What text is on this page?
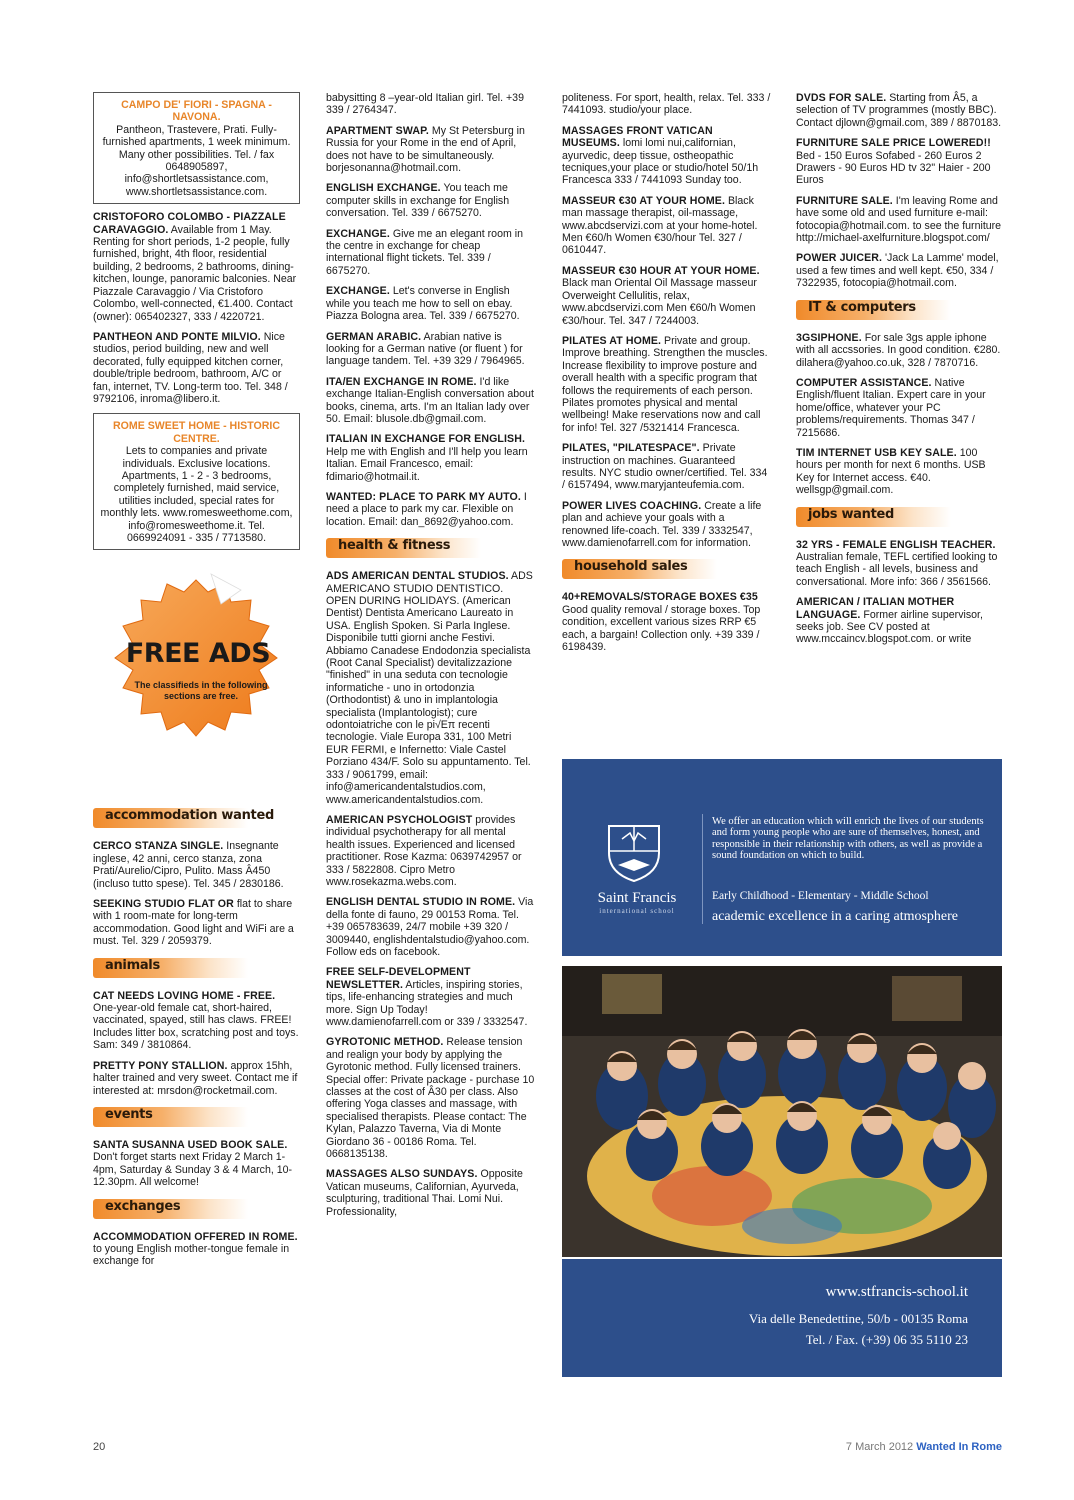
CAMPO DE' FIORI - SPAGNA - NAVONA.
Pantheon, Trastevere, Prati. Fully-furnished apartments, 1 week minimum. Many other possibilities. Tel. / fax 0648905897, info@shortletsassistance.com, www.shortletsassistance.com.

CRISTOFORO COLOMBO - PIAZZALE CARAVAGGIO. Available from 1 May. Renting for short periods, 1-2 people, fully furnished, bright, 4th floor, residential building, 2 bedrooms, 2 bathrooms, dining-kitchen, lounge, panoramic balconies. Near Piazzale Caravaggio / Via Cristoforo Colombo, well-connected, €1.400. Contact (owner): 065402327, 333 / 4220721.

PANTHEON AND PONTE MILVIO. Nice studios, period building, new and well decorated, fully equipped kitchen corner, double/triple bedroom, bathroom, A/C or fan, internet, TV. Long-term too. Tel. 348 / 9792106, inroma@libero.it.

ROME SWEET HOME - HISTORIC CENTRE.
Lets to companies and private individuals. Exclusive locations. Apartments, 1 - 2 - 3 bedrooms, completely furnished, maid service, utilities included, special rates for monthly lets. www.romesweethome.com, info@romesweethome.it. Tel. 0669924091 - 335 / 7713580.
FREE ADS
The classifieds in the following sections are free.
accommodation wanted

CERCO STANZA SINGLE. Insegnante inglese, 42 anni, cerco stanza, zona Prati/Aurelio/Cipro, Pulito. Mass Â450 (incluso tutto spese). Tel. 345 / 2830186.

SEEKING STUDIO FLAT OR flat to share with 1 room-mate for long-term accommodation. Good light and WiFi are a must. Tel. 329 / 2059379.

animals

CAT NEEDS LOVING HOME - FREE. One-year-old female cat, short-haired, vaccinated, spayed, still has claws. FREE! Includes litter box, scratching post and toys. Sam: 349 / 3810864.

PRETTY PONY STALLION. approx 15hh, halter trained and very sweet. Contact me if interested at: mrsdon@rocketmail.com.

events

SANTA SUSANNA USED BOOK SALE. Don't forget starts next Friday 2 March 1-4pm, Saturday & Sunday 3 & 4 March, 10-12.30pm. All welcome!

exchanges

ACCOMMODATION OFFERED IN ROME. to young English mother-tongue female in exchange for

babysitting 8 –year-old Italian girl. Tel. +39 339 / 2764347.

APARTMENT SWAP. My St Petersburg in Russia for your Rome in the end of April, does not have to be simultaneously. borjesonanna@hotmail.com.

ENGLISH EXCHANGE. You teach me computer skills in exchange for English conversation. Tel. 339 / 6675270.

EXCHANGE. Give me an elegant room in the centre in exchange for cheap international flight tickets. Tel. 339 / 6675270.

EXCHANGE. Let's converse in English while you teach me how to sell on ebay. Piazza Bologna area. Tel. 339 / 6675270.

GERMAN ARABIC. Arabian native is looking for a German native (or fluent ) for language tandem. Tel. +39 329 / 7964965.

ITA/EN EXCHANGE IN ROME. I'd like exchange Italian-English conversation about books, cinema, arts. I'm an Italian lady over 50. Email: blusole.db@gmail.com.

ITALIAN IN EXCHANGE FOR ENGLISH. Help me with English and I'll help you learn Italian. Email Francesco, email: fdimario@hotmail.it.

WANTED: PLACE TO PARK MY AUTO. I need a place to park my car. Flexible on location. Email: dan_8692@yahoo.com.

health & fitness

ADS AMERICAN DENTAL STUDIOS. ADS AMERICANO STUDIO DENTISTICO. OPEN DURING HOLIDAYS. (American Dentist) Dentista Americano Laureato in USA. English Spoken. Si Parla Inglese. Disponibile tutti giorni anche Festivi. Abbiamo Canadese Endodonzia specialista (Root Canal Specialist) devitalizzazione "finished" in una seduta con tecnologie informatiche - uno in ortodonzia (Orthodontist) & uno in implantologia specialista (Implantologist); cure odontoiatriche con le pi√Επ recenti tecnologie. Viale Europa 331, 100 Metri EUR FERMI, e Infernetto: Viale Castel Porziano 434/F. Solo su appuntamento. Tel. 333 / 9061799, email: info@americandentalstudios.com, www.americandentalstudios.com.

AMERICAN PSYCHOLOGIST provides individual psychotherapy for all mental health issues. Experienced and licensed practitioner. Rose Kazma: 0639742957 or 333 / 5822808. Cipro Metro www.rosekazma.webs.com.

ENGLISH DENTAL STUDIO IN ROME. Via della fonte di fauno, 29 00153 Roma. Tel. +39 065783639, 24/7 mobile +39 320 / 3009440, englishdentalstudio@yahoo.com. Follow eds on facebook.

FREE SELF-DEVELOPMENT NEWSLETTER. Articles, inspiring stories, tips, life-enhancing strategies and much more. Sign Up Today! www.damienofarrell.com or 339 / 3332547.

GYROTONIC METHOD. Release tension and realign your body by applying the Gyrotonic method. Fully licensed trainers. Special offer: Private package - purchase 10 classes at the cost of Â30 per class. Also offering Yoga classes and massage, with specialised therapists. Please contact: The Kylan, Palazzo Taverna, Via di Monte Giordano 36 - 00186 Roma. Tel. 0668135138.

MASSAGES ALSO SUNDAYS. Opposite Vatican museums, Californian, Ayurveda, sculpturing, traditional Thai. Lomi Nui. Professionality,

politeness. For sport, health, relax. Tel. 333 / 7441093. studio/your place.

MASSAGES FRONT VATICAN MUSEUMS. lomi lomi nui,californian, ayurvedic, deep tissue, ostheopathic tecniques,your place or studio/hotel 50/1h Francesca 333 / 7441093 Sunday too.

MASSEUR €30 AT YOUR HOME. Black man massage therapist, oil-massage, www.abcdservizi.com at your home-hotel. Men €60/h Women €30/hour Tel. 327 / 0610447.

MASSEUR €30 HOUR AT YOUR HOME. Black man Oriental Oil Massage masseur Overweight Cellulitis, relax, www.abcdservizi.com Men €60/h Women €30/hour. Tel. 347 / 7244003.

PILATES AT HOME. Private and group. Improve breathing. Strengthen the muscles. Increase flexibility to improve posture and overall health with a specific program that follows the requirements of each person. Pilates promotes physical and mental wellbeing! Make reservations now and call for info! Tel. 327 /5321414 Francesca.

PILATES, "PILATESPACE". Private instruction on machines. Guaranteed results. NYC studio owner/certified. Tel. 334 / 6157494, www.maryjanteufemia.com.

POWER LIVES COACHING. Create a life plan and achieve your goals with a renowned life-coach. Tel. 339 / 3332547, www.damienofarrell.com for information.

household sales

40+REMOVALS/STORAGE BOXES €35 Good quality removal / storage boxes. Top condition, excellent various sizes RRP €5 each, a bargain! Collection only. +39 339 / 6198439.

DVDS FOR SALE. Starting from Â5, a selection of TV programmes (mostly BBC). Contact djlown@gmail.com, 389 / 8870183.

FURNITURE SALE PRICE LOWERED!! Bed - 150 Euros Sofabed - 260 Euros 2 Drawers - 90 Euros HD tv 32" Haier - 200 Euros

FURNITURE SALE. I'm leaving Rome and have some old and used furniture e-mail: fotocopia@hotmail.com. to see the furniture http://michael-axelfurniture.blogspot.com/

POWER JUICER. 'Jack La Lamme' model, used a few times and well kept. €50, 334 / 7322935, fotocopia@hotmail.com.

IT & computers

3GSIPHONE. For sale 3gs apple iphone with all accssories. In good condition. €280. dilahera@yahoo.co.uk, 328 / 7870716.

COMPUTER ASSISTANCE. Native English/fluent Italian. Expert care in your home/office, whatever your PC problems/requirements. Thomas 347 / 7215686.

TIM INTERNET USB KEY SALE. 100 hours per month for next 6 months. USB Key for Internet access. €40. wellsgp@gmail.com.

jobs wanted

32 YRS - FEMALE ENGLISH TEACHER. Australian female, TEFL certified looking to teach English - all levels, business and conversational. More info: 366 / 3561566.

AMERICAN / ITALIAN MOTHER LANGUAGE. Former airline supervisor, seeks job. See CV posted at www.mccaincv.blogspot.com. or write

Saint Francis
international school
We offer an education which will enrich the lives of our students and form young people who are sure of themselves, honest, and responsible in their relationship with others, as well as provide a sound foundation on which to build.
Early Childhood - Elementary - Middle School
academic excellence in a caring atmosphere
www.stfrancis-school.it
Via delle Benedettine, 50/b - 00135 Roma
Tel. / Fax. (+39) 06 35 5110 23
20	7 March 2012 Wanted In Rome
